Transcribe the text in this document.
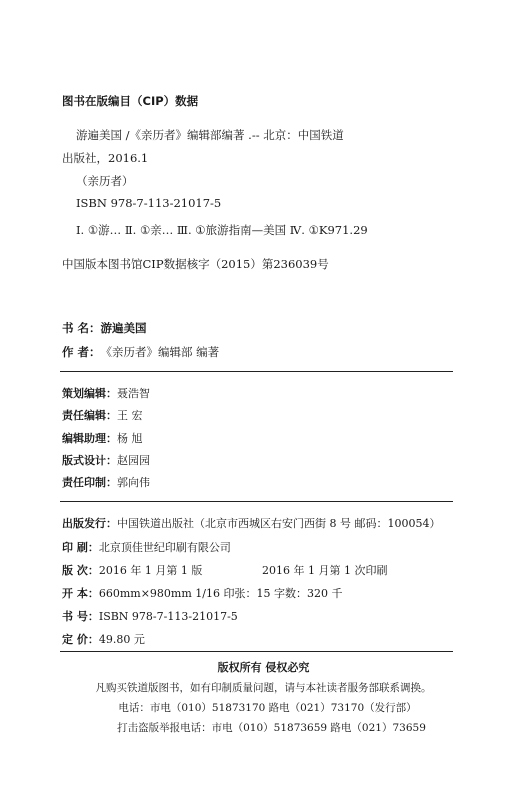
图书在版编目（CIP）数据
游遍美国 /《亲历者》编辑部编著 .-- 北京：中国铁道
出版社，2016.1
（亲历者）
ISBN 978-7-113-21017-5
Ⅰ. ①游… Ⅱ. ①亲… Ⅲ. ①旅游指南—美国 Ⅳ. ①K971.29
中国版本图书馆CIP数据核字（2015）第236039号
书 名：游遍美国
作 者：《亲历者》编辑部 编著
策划编辑：聂浩智
责任编辑：王 宏
编辑助理：杨 旭
版式设计：赵园园
责任印制：郭向伟
出版发行：中国铁道出版社（北京市西城区右安门西街 8 号 邮码：100054）
印 刷：北京顶佳世纪印刷有限公司
版 次：2016 年 1 月第 1 版	2016 年 1 月第 1 次印刷
开 本：660mm×980mm 1/16 印张：15 字数：320 千
书 号：ISBN 978-7-113-21017-5
定 价：49.80 元
版权所有 侵权必究
凡购买铁道版图书，如有印制质量问题，请与本社读者服务部联系调换。
电话：市电（010）51873170 路电（021）73170（发行部）
打击盗版举报电话：市电（010）51873659 路电（021）73659
